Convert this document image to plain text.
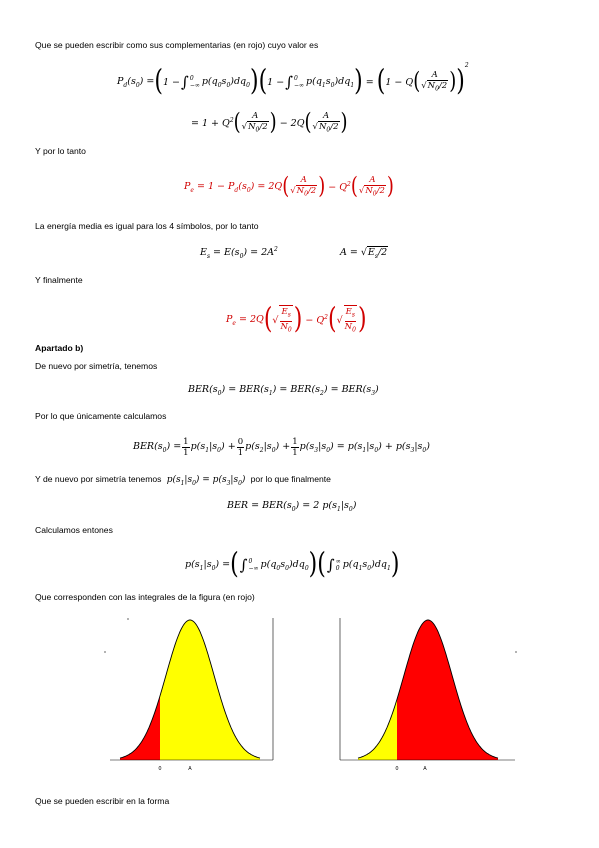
Que se pueden escribir como sus complementarias (en rojo) cuyo valor es
$P_d(s_0)$ = ( 1 − ∫ 0
−∞ $p(q_0s_0)dq_0$ ) ( 1 − ∫ 0
−∞ $p(q_1s_0)dq_1$ ) = ( 1 − Q ( $\frac{A}{√N_0/2}$ ) )$^2$
= $1 + Q^2$ ( $\frac{A}{√N_0/2}$ ) − 2Q ( $\frac{A}{√N_0/2}$ )
Y por lo tanto
$P_e = 1 - P_d(s_0) = 2Q$ ( $\frac{A}{√N_0/2}$ ) − $Q^2$ ( $\frac{A}{√N_0/2}$ )
La energía media es igual para los 4 símbolos, por lo tanto
$E_s = E(s_0) = 2A^2$	$A = √E_s/2$
Y finalmente
$P_e = 2Q$ ( √ $\frac{E_s}{N_0}$ ) − $Q^2$ ( √ $\frac{E_s}{N_0}$ )
Apartado b)
De nuevo por simetría, tenemos
$BER(s_0) = BER(s_1) = BER(s_2) = BER(s_3)$
Por lo que únicamente calculamos
$BER(s_0) = \frac{1}{1} p(s_1|s_0) + \frac{0}{1} p(s_2|s_0) + \frac{1}{1} p(s_3|s_0) = p(s_1|s_0) + p(s_3|s_0)$
Y de nuevo por simetría tenemos  $p(s_1|s_0) = p(s_3|s_0)$  por lo que finalmente
BER = $BER(s_0) = 2$ $p(s_1|s_0)$
Calculamos entones
$p(s_1|s_0)$ = ( ∫ 0
−∞ $p(q_0s_0)dq_0$ ) ( ∫ ∞
0 $p(q_1s_0)dq_1$ )
Que corresponden con las integrales de la figura (en rojo)
0	A	0	A
Que se pueden escribir en la forma
